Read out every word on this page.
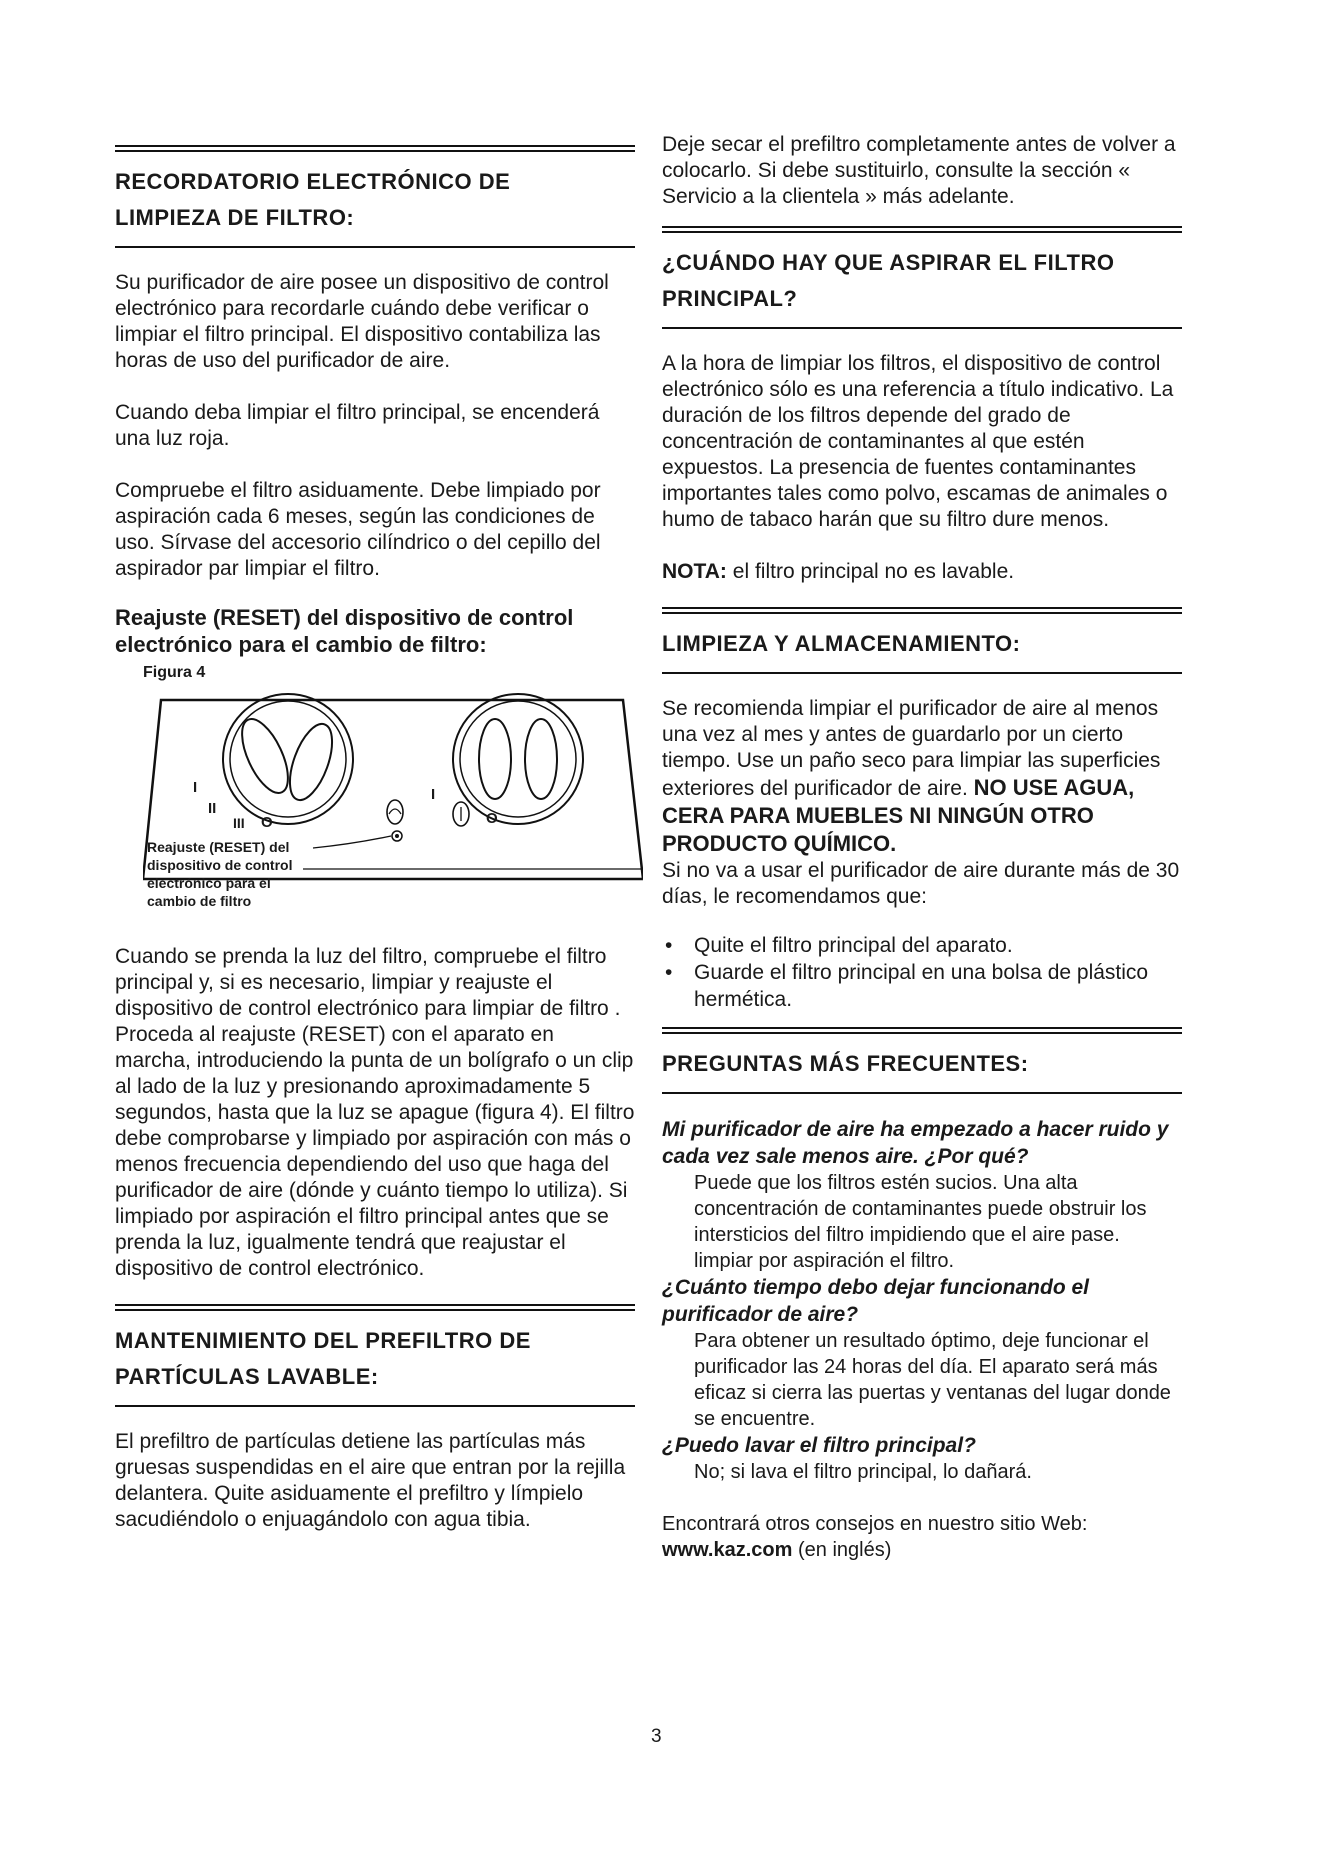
RECORDATORIO ELECTRÓNICO DE
LIMPIEZA DE FILTRO:

Su purificador de aire posee un dispositivo de control electrónico para recordarle cuándo debe verificar o limpiar el filtro principal. El dispositivo contabiliza las horas de uso del purificador de aire.

Cuando deba limpiar el filtro principal, se encenderá una luz roja.

Compruebe el filtro asiduamente. Debe limpiado por aspiración cada 6 meses, según las condiciones de uso. Sírvase del accesorio cilíndrico o del cepillo del aspirador par limpiar el filtro.

Reajuste (RESET) del dispositivo de control electrónico para el cambio de filtro:

Figura 4
I
II
III O
I
O
Reajuste (RESET) del
dispositivo de control
electrónico para el
cambio de filtro

Cuando se prenda la luz del filtro, compruebe el filtro principal y, si es necesario, limpiar y reajuste el dispositivo de control electrónico para limpiar de filtro . Proceda al reajuste (RESET) con el aparato en marcha, introduciendo la punta de un bolígrafo o un clip al lado de la luz y presionando aproximadamente 5 segundos, hasta que la luz se apague (figura 4). El filtro debe comprobarse y limpiado por aspiración con más o menos frecuencia dependiendo del uso que haga del purificador de aire (dónde y cuánto tiempo lo utiliza). Si limpiado por aspiración el filtro principal antes que se prenda la luz, igualmente tendrá que reajustar el dispositivo de control electrónico.

MANTENIMIENTO DEL PREFILTRO DE
PARTÍCULAS LAVABLE:

El prefiltro de partículas detiene las partículas más gruesas suspendidas en el aire que entran por la rejilla delantera. Quite asiduamente el prefiltro y límpielo sacudiéndolo o enjuagándolo con agua tibia.

Deje secar el prefiltro completamente antes de volver a colocarlo. Si debe sustituirlo, consulte la sección « Servicio a la clientela » más adelante.

¿CUÁNDO HAY QUE ASPIRAR EL FILTRO
PRINCIPAL?

A la hora de limpiar los filtros, el dispositivo de control electrónico sólo es una referencia a título indicativo. La duración de los filtros depende del grado de concentración de contaminantes al que estén expuestos. La presencia de fuentes contaminantes importantes tales como polvo, escamas de animales o humo de tabaco harán que su filtro dure menos.

NOTA: el filtro principal no es lavable.

LIMPIEZA Y ALMACENAMIENTO:

Se recomienda limpiar el purificador de aire al menos una vez al mes y antes de guardarlo por un cierto tiempo. Use un paño seco para limpiar las superficies exteriores del purificador de aire. NO USE AGUA, CERA PARA MUEBLES NI NINGÚN OTRO PRODUCTO QUÍMICO.

Si no va a usar el purificador de aire durante más de 30 días, le recomendamos que:

• Quite el filtro principal del aparato.
• Guarde el filtro principal en una bolsa de plástico hermética.
PREGUNTAS MÁS FRECUENTES:

Mi purificador de aire ha empezado a hacer ruido y cada vez sale menos aire. ¿Por qué?

Puede que los filtros estén sucios. Una alta concentración de contaminantes puede obstruir los intersticios del filtro impidiendo que el aire pase. limpiar por aspiración el filtro.

¿Cuánto tiempo debo dejar funcionando el purificador de aire?

Para obtener un resultado óptimo, deje funcionar el purificador las 24 horas del día. El aparato será más eficaz si cierra las puertas y ventanas del lugar donde se encuentre.

¿Puedo lavar el filtro principal?

No; si lava el filtro principal, lo dañará.

Encontrará otros consejos en nuestro sitio Web:

www.kaz.com (en inglés)

3
